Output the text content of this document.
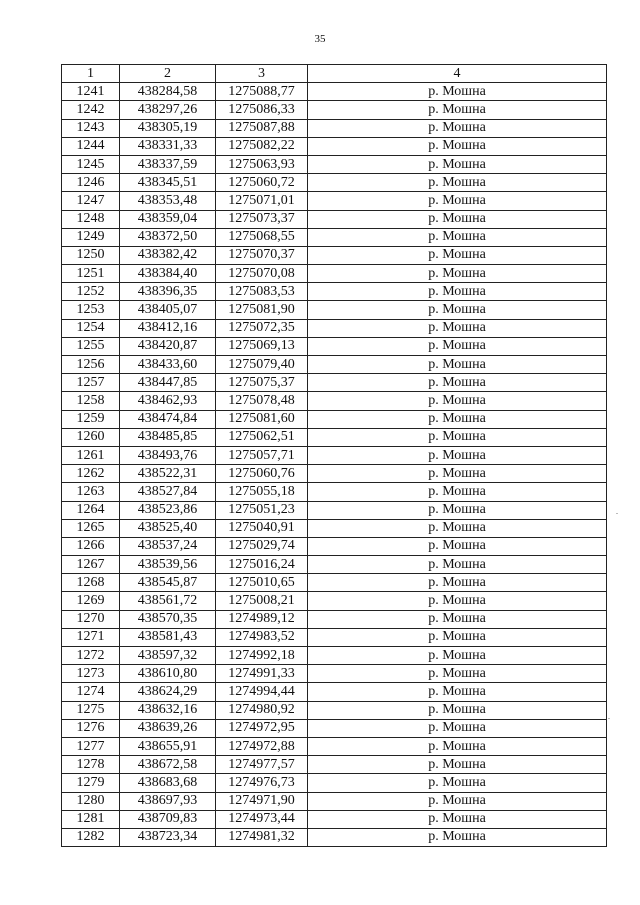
35
1	2	3	4
1241	438284,58	1275088,77	р. Мошна
1242	438297,26	1275086,33	р. Мошна
1243	438305,19	1275087,88	р. Мошна
1244	438331,33	1275082,22	р. Мошна
1245	438337,59	1275063,93	р. Мошна
1246	438345,51	1275060,72	р. Мошна
1247	438353,48	1275071,01	р. Мошна
1248	438359,04	1275073,37	р. Мошна
1249	438372,50	1275068,55	р. Мошна
1250	438382,42	1275070,37	р. Мошна
1251	438384,40	1275070,08	р. Мошна
1252	438396,35	1275083,53	р. Мошна
1253	438405,07	1275081,90	р. Мошна
1254	438412,16	1275072,35	р. Мошна
1255	438420,87	1275069,13	р. Мошна
1256	438433,60	1275079,40	р. Мошна
1257	438447,85	1275075,37	р. Мошна
1258	438462,93	1275078,48	р. Мошна
1259	438474,84	1275081,60	р. Мошна
1260	438485,85	1275062,51	р. Мошна
1261	438493,76	1275057,71	р. Мошна
1262	438522,31	1275060,76	р. Мошна
1263	438527,84	1275055,18	р. Мошна
1264	438523,86	1275051,23	р. Мошна
1265	438525,40	1275040,91	р. Мошна
1266	438537,24	1275029,74	р. Мошна
1267	438539,56	1275016,24	р. Мошна
1268	438545,87	1275010,65	р. Мошна
1269	438561,72	1275008,21	р. Мошна
1270	438570,35	1274989,12	р. Мошна
1271	438581,43	1274983,52	р. Мошна
1272	438597,32	1274992,18	р. Мошна
1273	438610,80	1274991,33	р. Мошна
1274	438624,29	1274994,44	р. Мошна
1275	438632,16	1274980,92	р. Мошна
1276	438639,26	1274972,95	р. Мошна
1277	438655,91	1274972,88	р. Мошна
1278	438672,58	1274977,57	р. Мошна
1279	438683,68	1274976,73	р. Мошна
1280	438697,93	1274971,90	р. Мошна
1281	438709,83	1274973,44	р. Мошна
1282	438723,34	1274981,32	р. Мошна
